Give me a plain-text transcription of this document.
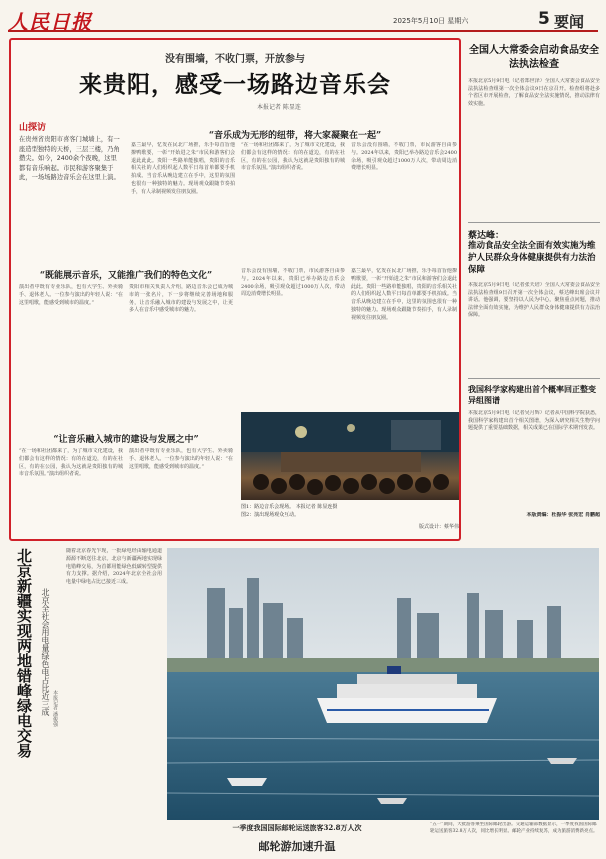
人民日报	2025年5月10日 星期六	5 要闻
没有围墙，不收门票，开放参与
来贵阳，感受一场路边音乐会
本报记者 陈显连
山探访
在贵州省贵阳市喜客门城墙上，有一座造型独特的天桥，三层三楼，乃角攒尖。如今，2400余个夜晚，这里都有音乐响起。市民和游客聚集于此，一场场路边音乐会在这里上演。
“音乐成为无形的纽带，将大家凝聚在一起”
嘉兰最早，忆发在民北广场推，乐手每首旨他撩鸭歌要，一彰“开始进之朱”市民和游客们会退此此此。贵阳一些路单能独唱，贵阳的音乐相关社的人们组织起人数平日每首单都要手机拍成。当音乐从晚边建立在手中，这里的氛围也很有一种独特的魅力。现场观众跟随节奏拍手，有人录制视频发往朋友圈。
“在一场和社团都来了，为了城市文化建设，我们都会有这样的情况：有的在道边，有的在社区，有的在公园，我认为这就是贵阳独有的城市音乐氛围。”演出组织者说。
音乐会没有围墙，不收门票，市民游客自由参与。2024年以来，贵阳已举办路边音乐会2400余场，吸引观众超过1000万人次，带动周边消费增长明显。
“既能展示音乐，又能推广我们的特色文化”
演出者中既有专业乐队，也有大学生、外卖骑手、退休老人。一位参与演出的年轻人说：“在这里唱歌，能感受到城市的温度。”
贵阳市相关负责人介绍，路边音乐会已成为城市的一张名片，下一步将继续完善场地和服务，让音乐融入城市的建设与发展之中，让更多人在音乐中感受城市的魅力。
音乐会没有围墙，不收门票，市民游客自由参与。2024年以来，贵阳已举办路边音乐会2400余场，吸引观众超过1000万人次，带动周边消费增长明显。
嘉兰最早，忆发在民北广场推，乐手每首旨他撩鸭歌要，一彰“开始进之朱”市民和游客们会退此此此。贵阳一些路单能独唱，贵阳的音乐相关社的人们组织起人数平日每首单都要手机拍成。当音乐从晚边建立在手中，这里的氛围也很有一种独特的魅力。现场观众跟随节奏拍手，有人录制视频发往朋友圈。
“让音乐融入城市的建设与发展之中”
“在一场和社团都来了，为了城市文化建设，我们都会有这样的情况：有的在道边，有的在社区，有的在公园，我认为这就是贵阳独有的城市音乐氛围。”演出组织者说。
演出者中既有专业乐队，也有大学生、外卖骑手、退休老人。一位参与演出的年轻人说：“在这里唱歌，能感受到城市的温度。”
图1：路边音乐会现场。 本报记者 陈显连摄
图2：演出现场观众互动。
版式设计：蔡华伟
全国人大常委会启动食品安全法执法检查
本报北京5月9日电（记者郑世泽）全国人大常委会食品安全法执法检查组第一次全体会议9日在京召开。检查组将赴多个省区市开展检查，了解食品安全法实施情况，推动法律有效实施。
蔡达峰：
推动食品安全法全面有效实施为维护人民群众身体健康提供有力法治保障
本报北京5月9日电（记者张天培）全国人大常委会食品安全法执法检查组9日召开第一次全体会议，蔡达峰出席会议并讲话。他强调，要坚持以人民为中心，聚焦重点问题，推动法律全面有效实施，为维护人民群众身体健康提供有力法治保障。
我国科学家构建出首个概率回正整变异组图谱
本报北京5月9日电（记者吴月辉）记者从中国科学院获悉，我国科学家构建出首个相关图谱，为深入研究相关生物学问题提供了重要基础数据，相关成果已在国际学术期刊发表。
本版责编：杜振华 张亮宏 肖鹏超
北京新疆实现两地错峰绿电交易	北京全社会用电量绿色电占比近三成 本报记者 潘俊强
随着北京春光乍现，一批绿电经由输电通道源源不断送往北京。北京与新疆两地实现绿电错峰交易，为首都用能绿色低碳转型提供有力支撑。据介绍，2024年北京全社会用电量中绿电占比已接近三成。
一季度我国国际邮轮运送旅客32.8万人次
邮轮游加速升温
“五一”期间，大批游客乘坐国际邮轮出游。交通运输部数据显示，一季度我国国际邮轮运送旅客32.8万人次，同比增长明显。邮轮产业持续复苏，成为旅游消费新亮点。
